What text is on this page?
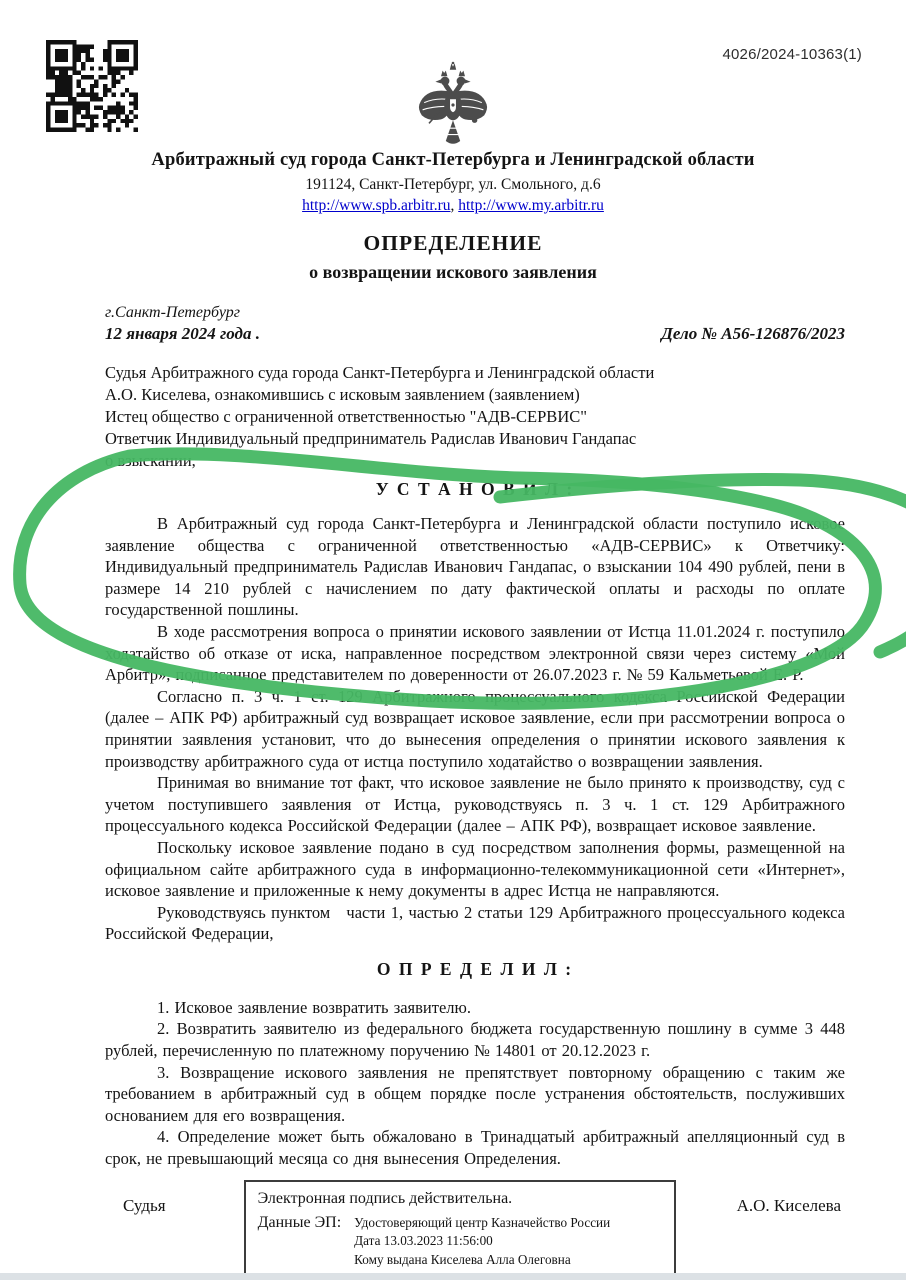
4026/2024-10363(1)
Арбитражный суд города Санкт-Петербурга и Ленинградской области
191124, Санкт-Петербург, ул. Смольного, д.6
http://www.spb.arbitr.ru, http://www.my.arbitr.ru
ОПРЕДЕЛЕНИЕ
о возвращении искового заявления
г.Санкт-Петербург
12 января 2024 года .	Дело № А56-126876/2023
Судья Арбитражного суда города Санкт-Петербурга и Ленинградской области
А.О. Киселева, ознакомившись с исковым заявлением (заявлением)
Истец общество с ограниченной ответственностью "АДВ-СЕРВИС"
Ответчик Индивидуальный предприниматель Радислав Иванович Гандапас
о взыскании,
У С Т А Н О В И Л :

В Арбитражный суд города Санкт-Петербурга и Ленинградской области поступило исковое заявление общества с ограниченной ответственностью «АДВ-СЕРВИС» к Ответчику: Индивидуальный предприниматель Радислав Иванович Гандапас, о взыскании 104 490 рублей, пени в размере 14 210 рублей с начислением по дату фактической оплаты и расходы по оплате государственной пошлины.

В ходе рассмотрения вопроса о принятии искового заявлении от Истца 11.01.2024 г. поступило ходатайство об отказе от иска, направленное посредством электронной связи через систему «Мой Арбитр», подписанное представителем по доверенности от 26.07.2023 г. № 59 Кальметьевой Е. Р.

Согласно п. 3 ч. 1 ст. 129 Арбитражного процессуального кодекса Российской Федерации (далее – АПК РФ) арбитражный суд возвращает исковое заявление, если при рассмотрении вопроса о принятии заявления установит, что до вынесения определения о принятии искового заявления к производству арбитражного суда от истца поступило ходатайство о возвращении заявления.

Принимая во внимание тот факт, что исковое заявление не было принято к производству, суд с учетом поступившего заявления от Истца, руководствуясь п. 3 ч. 1 ст. 129 Арбитражного процессуального кодекса Российской Федерации (далее – АПК РФ), возвращает исковое заявление.

Поскольку исковое заявление подано в суд посредством заполнения формы, размещенной на официальном сайте арбитражного суда в информационно-телекоммуникационной сети «Интернет», исковое заявление и приложенные к нему документы в адрес Истца не направляются.

Руководствуясь пунктом   части 1, частью 2 статьи 129 Арбитражного процессуального кодекса Российской Федерации,

О П Р Е Д Е Л И Л :

1. Исковое заявление возвратить заявителю.

2. Возвратить заявителю из федерального бюджета государственную пошлину в сумме 3 448 рублей, перечисленную по платежному поручению № 14801 от 20.12.2023 г.

3. Возвращение искового заявления не препятствует повторному обращению с таким же требованием в арбитражный суд в общем порядке после устранения обстоятельств, послуживших основанием для его возвращения.

4. Определение может быть обжаловано в Тринадцатый арбитражный апелляционный суд в срок, не превышающий месяца со дня вынесения Определения.

Судья	Электронная подпись действительна.
Данные ЭП: Удостоверяющий центр Казначейство России
Дата 13.03.2023 11:56:00
Кому выдана Киселева Алла Олеговна
А.О. Киселева
